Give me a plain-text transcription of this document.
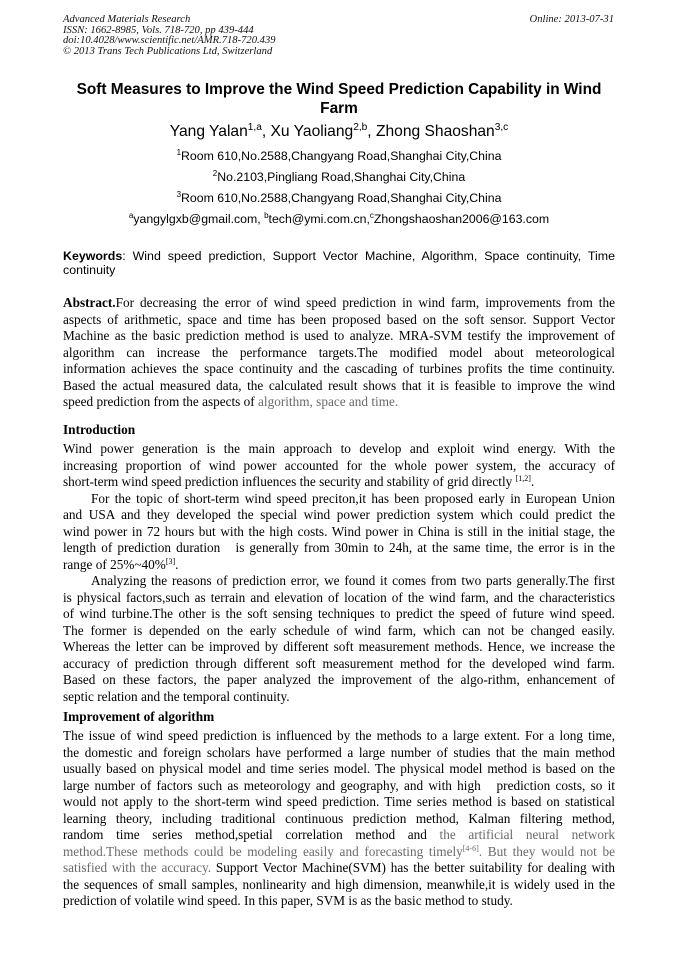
Advanced Materials Research
ISSN: 1662-8985, Vols. 718-720, pp 439-444
doi:10.4028/www.scientific.net/AMR.718-720.439
© 2013 Trans Tech Publications Ltd, Switzerland
Online: 2013-07-31
Soft Measures to Improve the Wind Speed Prediction Capability in Wind
Farm
Yang Yalan$^{1,a}$, Xu Yaoliang$^{2,b}$, Zhong Shaoshan$^{3,c}$
$^1$Room 610,No.2588,Changyang Road,Shanghai City,China
$^2$No.2103,Pingliang Road,Shanghai City,China
$^3$Room 610,No.2588,Changyang Road,Shanghai City,China
$^a$yangylgxb@gmail.com, $^b$tech@ymi.com.cn,$^c$Zhongshaoshan2006@163.com
Keywords: Wind speed prediction, Support Vector Machine, Algorithm, Space continuity, Time
continuity
Abstract.For decreasing the error of wind speed prediction in wind farm, improvements from the
aspects of arithmetic, space and time has been proposed based on the soft sensor. Support Vector
Machine as the basic prediction method is used to analyze. MRA-SVM testify the improvement of
algorithm can increase the performance targets.The modified model about meteorological
information achieves the space continuity and the cascading of turbines profits the time continuity.
Based the actual measured data, the calculated result shows that it is feasible to improve the wind
speed prediction from the aspects of algorithm, space and time.
Introduction
Wind power generation is the main approach to develop and exploit wind energy. With the
increasing proportion of wind power accounted for the whole power system, the accuracy of
short-term wind speed prediction influences the security and stability of grid directly [1,2].
For the topic of short-term wind speed preciton,it has been proposed early in European Union
and USA and they developed the special wind power prediction system which could predict the
wind power in 72 hours but with the high costs. Wind power in China is still in the initial stage, the
length of prediction duration   is generally from 30min to 24h, at the same time, the error is in the
range of 25%~40%[3].
Analyzing the reasons of prediction error, we found it comes from two parts generally.The first
is physical factors,such as terrain and elevation of location of the wind farm, and the characteristics
of wind turbine.The other is the soft sensing techniques to predict the speed of future wind speed.
The former is depended on the early schedule of wind farm, which can not be changed easily.
Whereas the letter can be improved by different soft measurement methods. Hence, we increase the
accuracy of prediction through different soft measurement method for the developed wind farm.
Based on these factors, the paper analyzed the improvement of the algo-rithm, enhancement of
septic relation and the temporal continuity.
Improvement of algorithm
The issue of wind speed prediction is influenced by the methods to a large extent. For a long time,
the domestic and foreign scholars have performed a large number of studies that the main method
usually based on physical model and time series model. The physical model method is based on the
large number of factors such as meteorology and geography, and with high   prediction costs, so it
would not apply to the short-term wind speed prediction. Time series method is based on statistical
learning theory, including traditional continuous prediction method, Kalman filtering method,
random time series method,spetial correlation method and the artificial neural network
method.These methods could be modeling easily and forecasting timely[4-6]. But they would not be
satisfied with the accuracy. Support Vector Machine(SVM) has the better suitability for dealing with
the sequences of small samples, nonlinearity and high dimension, meanwhile,it is widely used in the
prediction of volatile wind speed. In this paper, SVM is as the basic method to study.
